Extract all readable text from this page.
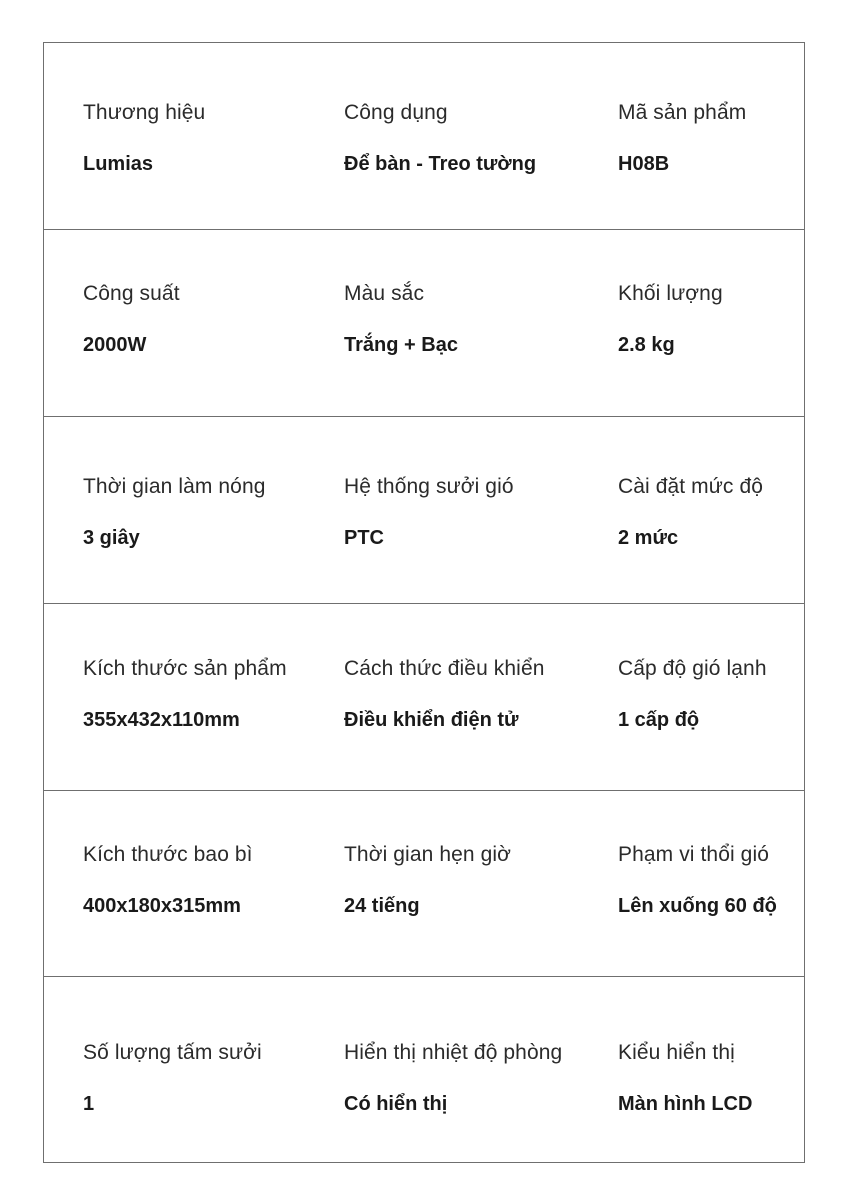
Thương hiệu
Lumias
Công dụng
Để bàn - Treo tường
Mã sản phẩm
H08B
Công suất
2000W
Màu sắc
Trắng + Bạc
Khối lượng
2.8 kg
Thời gian làm nóng
3 giây
Hệ thống sưởi gió
PTC
Cài đặt mức độ
2 mức
Kích thước sản phẩm
355x432x110mm
Cách thức điều khiển
Điều khiển điện tử
Cấp độ gió lạnh
1 cấp độ
Kích thước bao bì
400x180x315mm
Thời gian hẹn giờ
24 tiếng
Phạm vi thổi gió
Lên xuống 60 độ
Số lượng tấm sưởi
1
Hiển thị nhiệt độ phòng
Có hiển thị
Kiểu hiển thị
Màn hình LCD
